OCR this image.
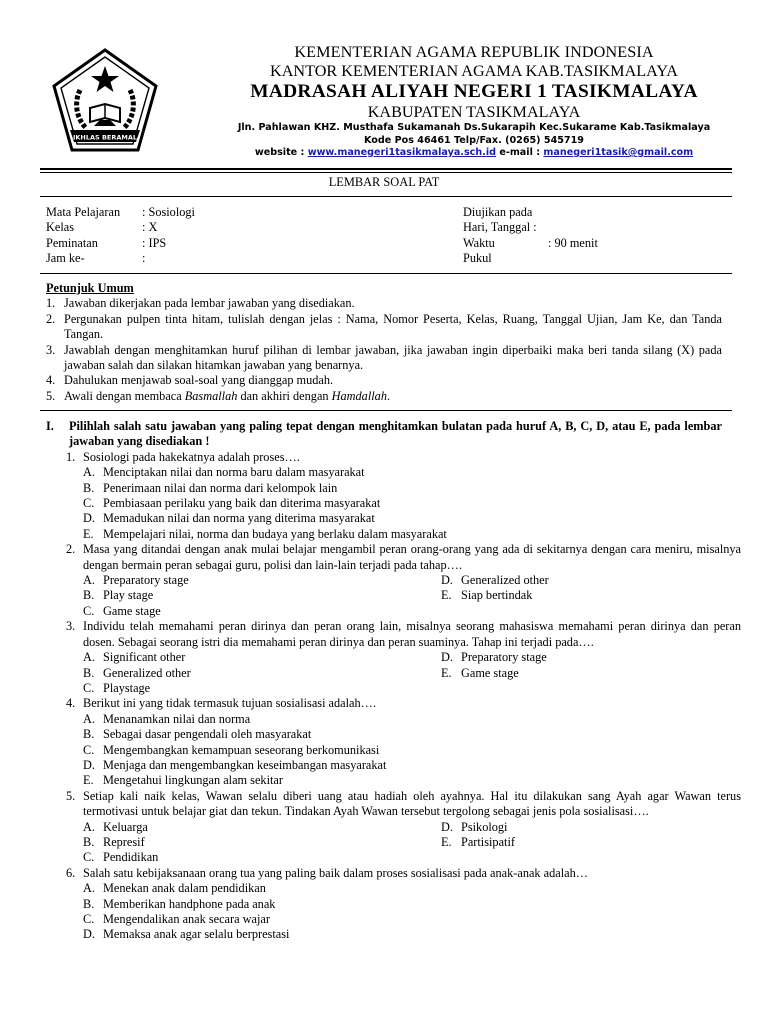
IKHLAS BERAMAL
KEMENTERIAN AGAMA REPUBLIK INDONESIA
KANTOR KEMENTERIAN AGAMA KAB.TASIKMALAYA
MADRASAH ALIYAH NEGERI 1 TASIKMALAYA
KABUPATEN TASIKMALAYA
Jln. Pahlawan KHZ. Musthafa Sukamanah Ds.Sukarapih Kec.Sukarame Kab.Tasikmalaya
Kode Pos 46461 Telp/Fax. (0265) 545719
website : www.manegeri1tasikmalaya.sch.id e-mail : manegeri1tasik@gmail.com
LEMBAR SOAL PAT
Mata Pelajaran	: Sosiologi
Kelas	: X
Peminatan	: IPS
Jam ke-	:
Diujikan pada
Hari, Tanggal :
Waktu	: 90 menit
Pukul
Petunjuk Umum
1. Jawaban dikerjakan pada lembar jawaban yang disediakan.
2. Pergunakan pulpen tinta hitam, tulislah dengan jelas : Nama, Nomor Peserta, Kelas, Ruang, Tanggal Ujian, Jam Ke, dan Tanda Tangan.
3. Jawablah dengan menghitamkan huruf pilihan di lembar jawaban, jika jawaban ingin diperbaiki maka beri tanda silang (X) pada jawaban salah dan silakan hitamkan jawaban yang benarnya.
4. Dahulukan menjawab soal-soal yang dianggap mudah.
5. Awali dengan membaca Basmallah dan akhiri dengan Hamdallah.
I.	Pilihlah salah satu jawaban yang paling tepat dengan menghitamkan bulatan pada huruf A, B, C, D, atau E, pada lembar jawaban yang disediakan !
1. Sosiologi pada hakekatnya adalah proses….
A. Menciptakan nilai dan norma baru dalam masyarakat
B. Penerimaan nilai dan norma dari kelompok lain
C. Pembiasaan perilaku yang baik dan diterima masyarakat
D. Memadukan nilai dan norma yang diterima masyarakat
E. Mempelajari nilai, norma dan budaya yang berlaku dalam masyarakat
2. Masa yang ditandai dengan anak mulai belajar mengambil peran orang-orang yang ada di sekitarnya dengan cara meniru, misalnya dengan bermain peran sebagai guru, polisi dan lain-lain terjadi pada tahap….
A. Preparatory stage	D. Generalized other
B. Play stage	E. Siap bertindak
C. Game stage
3. Individu telah memahami peran dirinya dan peran orang lain, misalnya seorang mahasiswa memahami peran dirinya dan peran dosen. Sebagai seorang istri dia memahami peran dirinya dan peran suaminya. Tahap ini terjadi pada….
A. Significant other	D. Preparatory stage
B. Generalized other	E. Game stage
C. Playstage
4. Berikut ini yang tidak termasuk tujuan sosialisasi adalah….
A. Menanamkan nilai dan norma
B. Sebagai dasar pengendali oleh masyarakat
C. Mengembangkan kemampuan seseorang berkomunikasi
D. Menjaga dan mengembangkan keseimbangan masyarakat
E. Mengetahui lingkungan alam sekitar
5. Setiap kali naik kelas, Wawan selalu diberi uang atau hadiah oleh ayahnya. Hal itu dilakukan sang Ayah agar Wawan terus termotivasi untuk belajar giat dan tekun. Tindakan Ayah Wawan tersebut tergolong sebagai jenis pola sosialisasi….
A. Keluarga	D. Psikologi
B. Represif	E. Partisipatif
C. Pendidikan
6. Salah satu kebijaksanaan orang tua yang paling baik dalam proses sosialisasi pada anak-anak adalah…
A. Menekan anak dalam pendidikan
B. Memberikan handphone pada anak
C. Mengendalikan anak secara wajar
D. Memaksa anak agar selalu berprestasi
